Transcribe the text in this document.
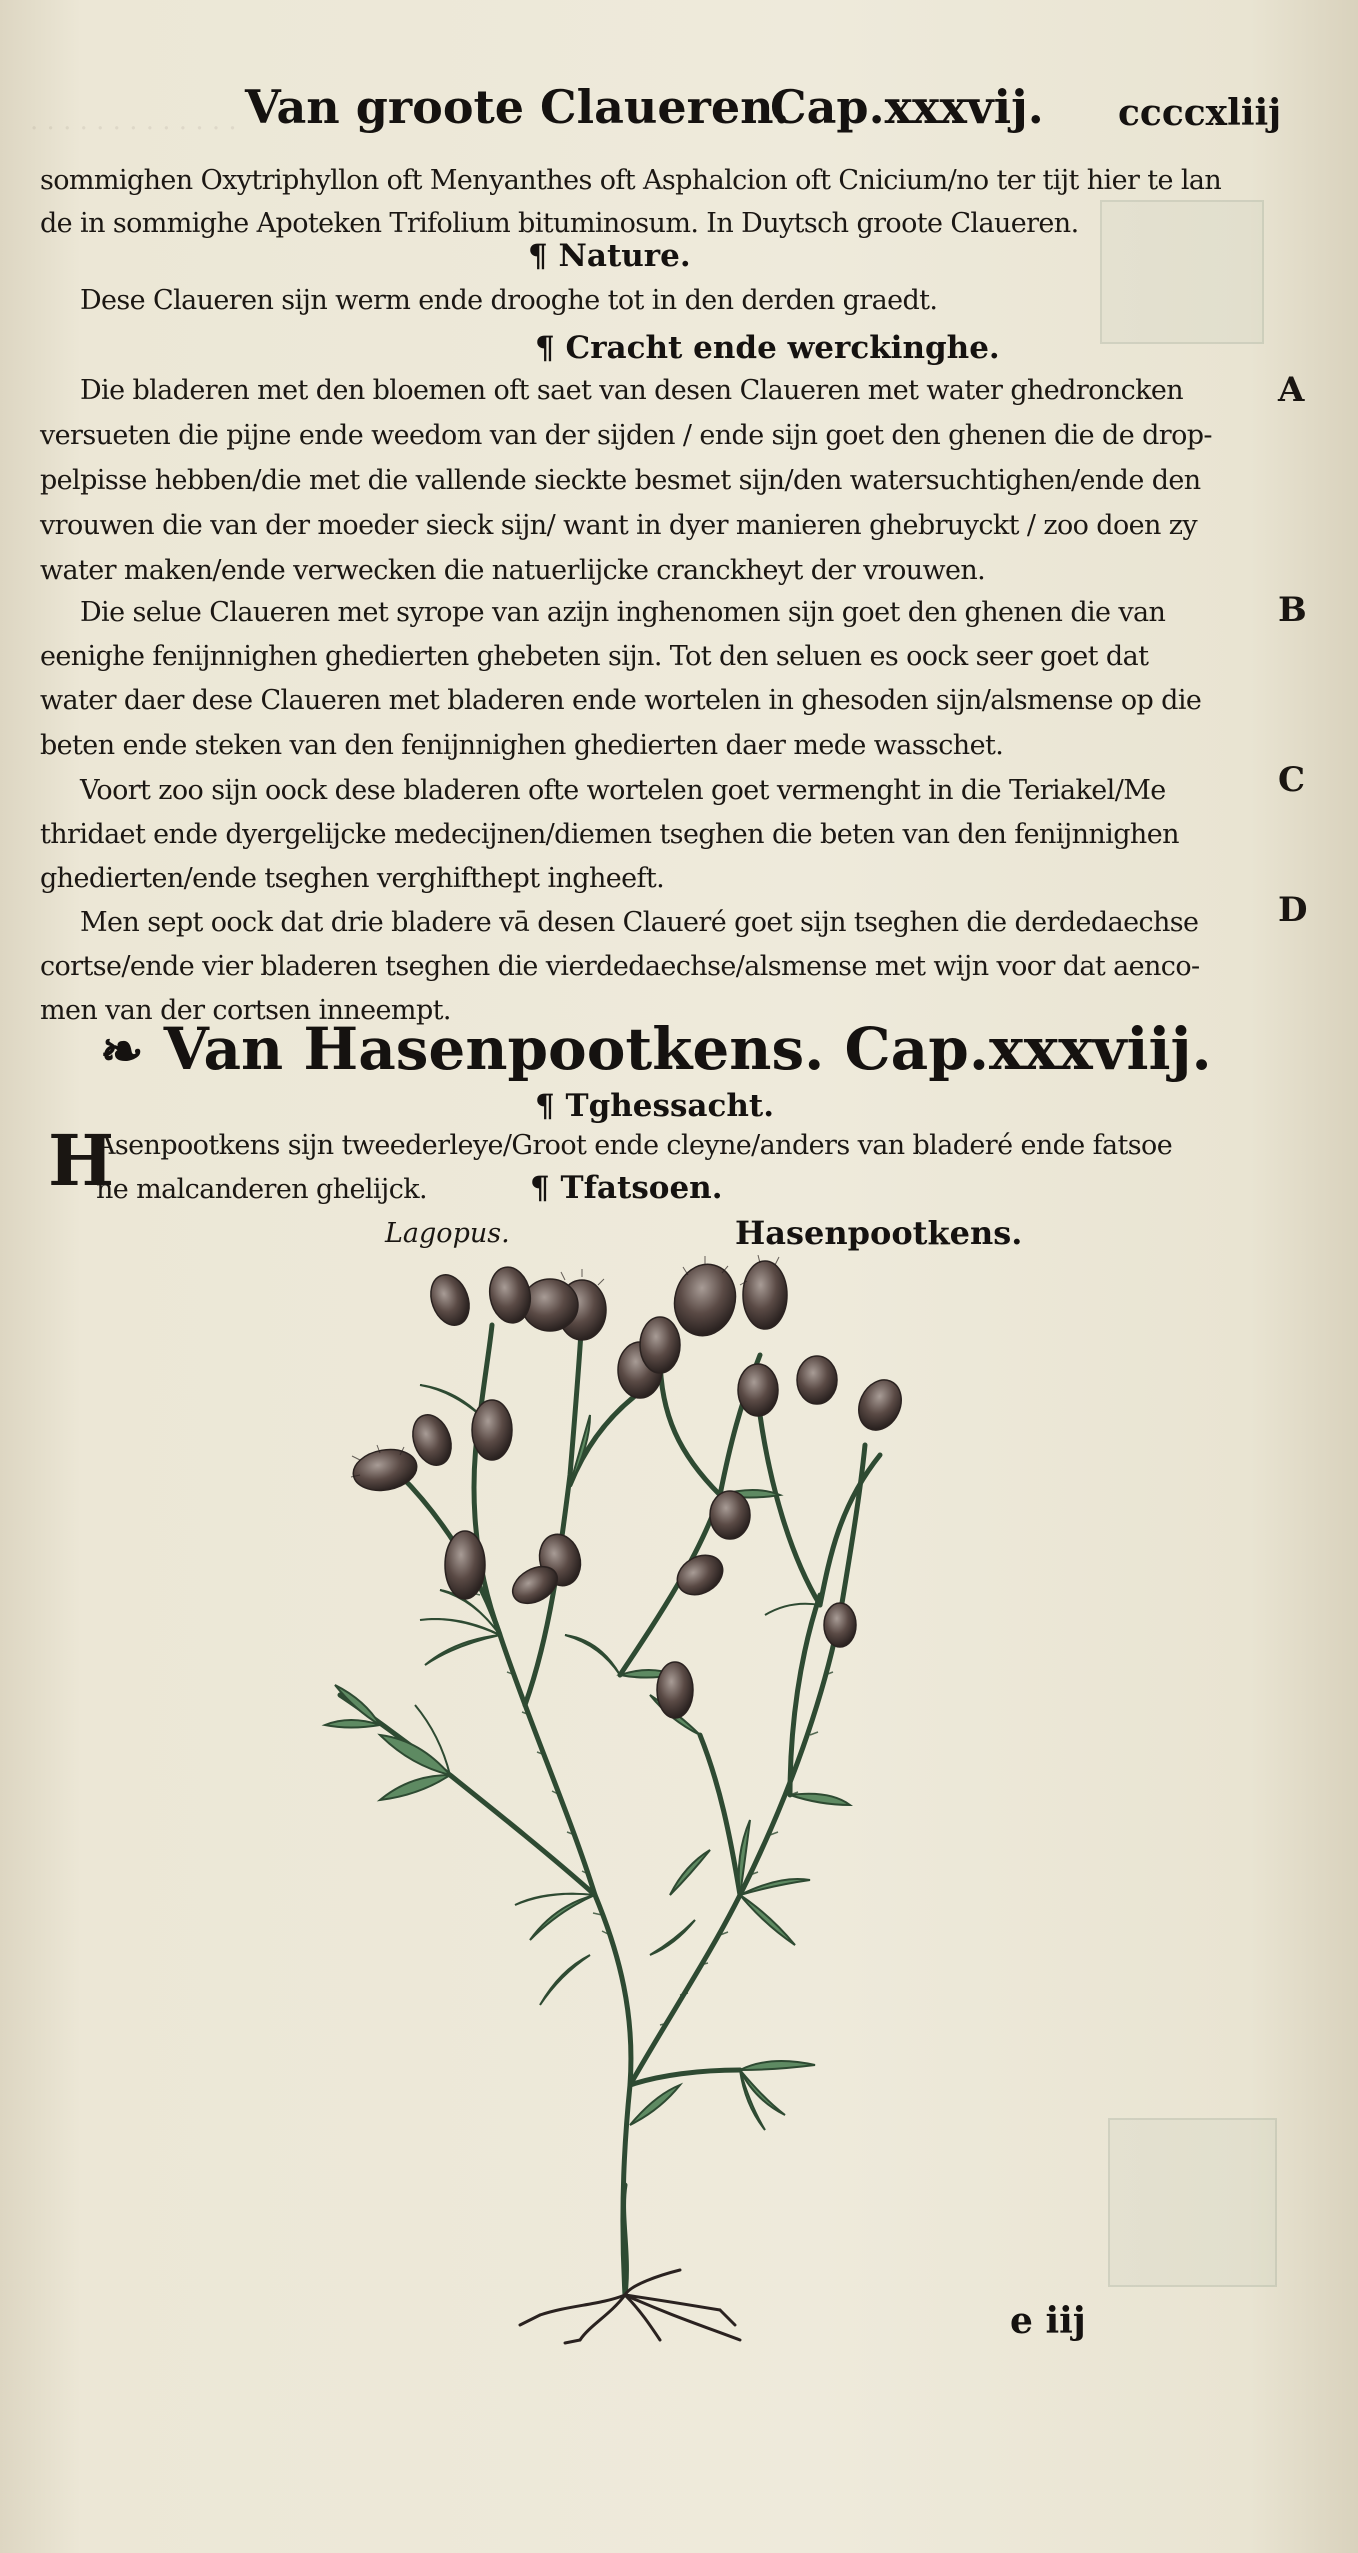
. . . . . . . . . . . . . Van groote Claueren.
Cap.xxxvij. ccccxliij
sommighen Oxytriphyllon oft Menyanthes oft Asphalcion oft Cnicium/no ter tijt hier te lan
de in sommighe Apoteken Trifolium bituminosum. In Duytsch groote Claueren.
¶ Nature.
Dese Claueren sijn werm ende drooghe tot in den derden graedt.
¶ Cracht ende werckinghe.
Die bladeren met den bloemen oft saet van desen Claueren met water ghedroncken
versueten die pijne ende weedom van der sijden / ende sijn goet den ghenen die de drop-
pelpisse hebben/die met die vallende sieckte besmet sijn/den watersuchtighen/ende den
vrouwen die van der moeder sieck sijn/ want in dyer manieren ghebruyckt / zoo doen zy
water maken/ende verwecken die natuerlijcke cranckheyt der vrouwen.
Die selue Claueren met syrope van azijn inghenomen sijn goet den ghenen die van
eenighe fenijnnighen ghedierten ghebeten sijn. Tot den seluen es oock seer goet dat
water daer dese Claueren met bladeren ende wortelen in ghesoden sijn/alsmense op die
beten ende steken van den fenijnnighen ghedierten daer mede wasschet.
Voort zoo sijn oock dese bladeren ofte wortelen goet vermenght in die Teriakel/Me
thridaet ende dyergelijcke medecijnen/diemen tseghen die beten van den fenijnnighen
ghedierten/ende tseghen verghifthept ingheeft.
Men sept oock dat drie bladere vā desen Claueré goet sijn tseghen die derdedaechse
cortse/ende vier bladeren tseghen die vierdedaechse/alsmense met wijn voor dat aenco-
men van der cortsen inneempt.
A
B
C
D
❧ Van Hasenpootkens. Cap.xxxviij.
¶ Tghessacht.
H
Asenpootkens sijn tweederleye/Groot ende cleyne/anders van bladeré ende fatsoe
ne malcanderen ghelijck.	¶ Tfatsoen.
Lagopus.	Hasenpootkens.
e iij
